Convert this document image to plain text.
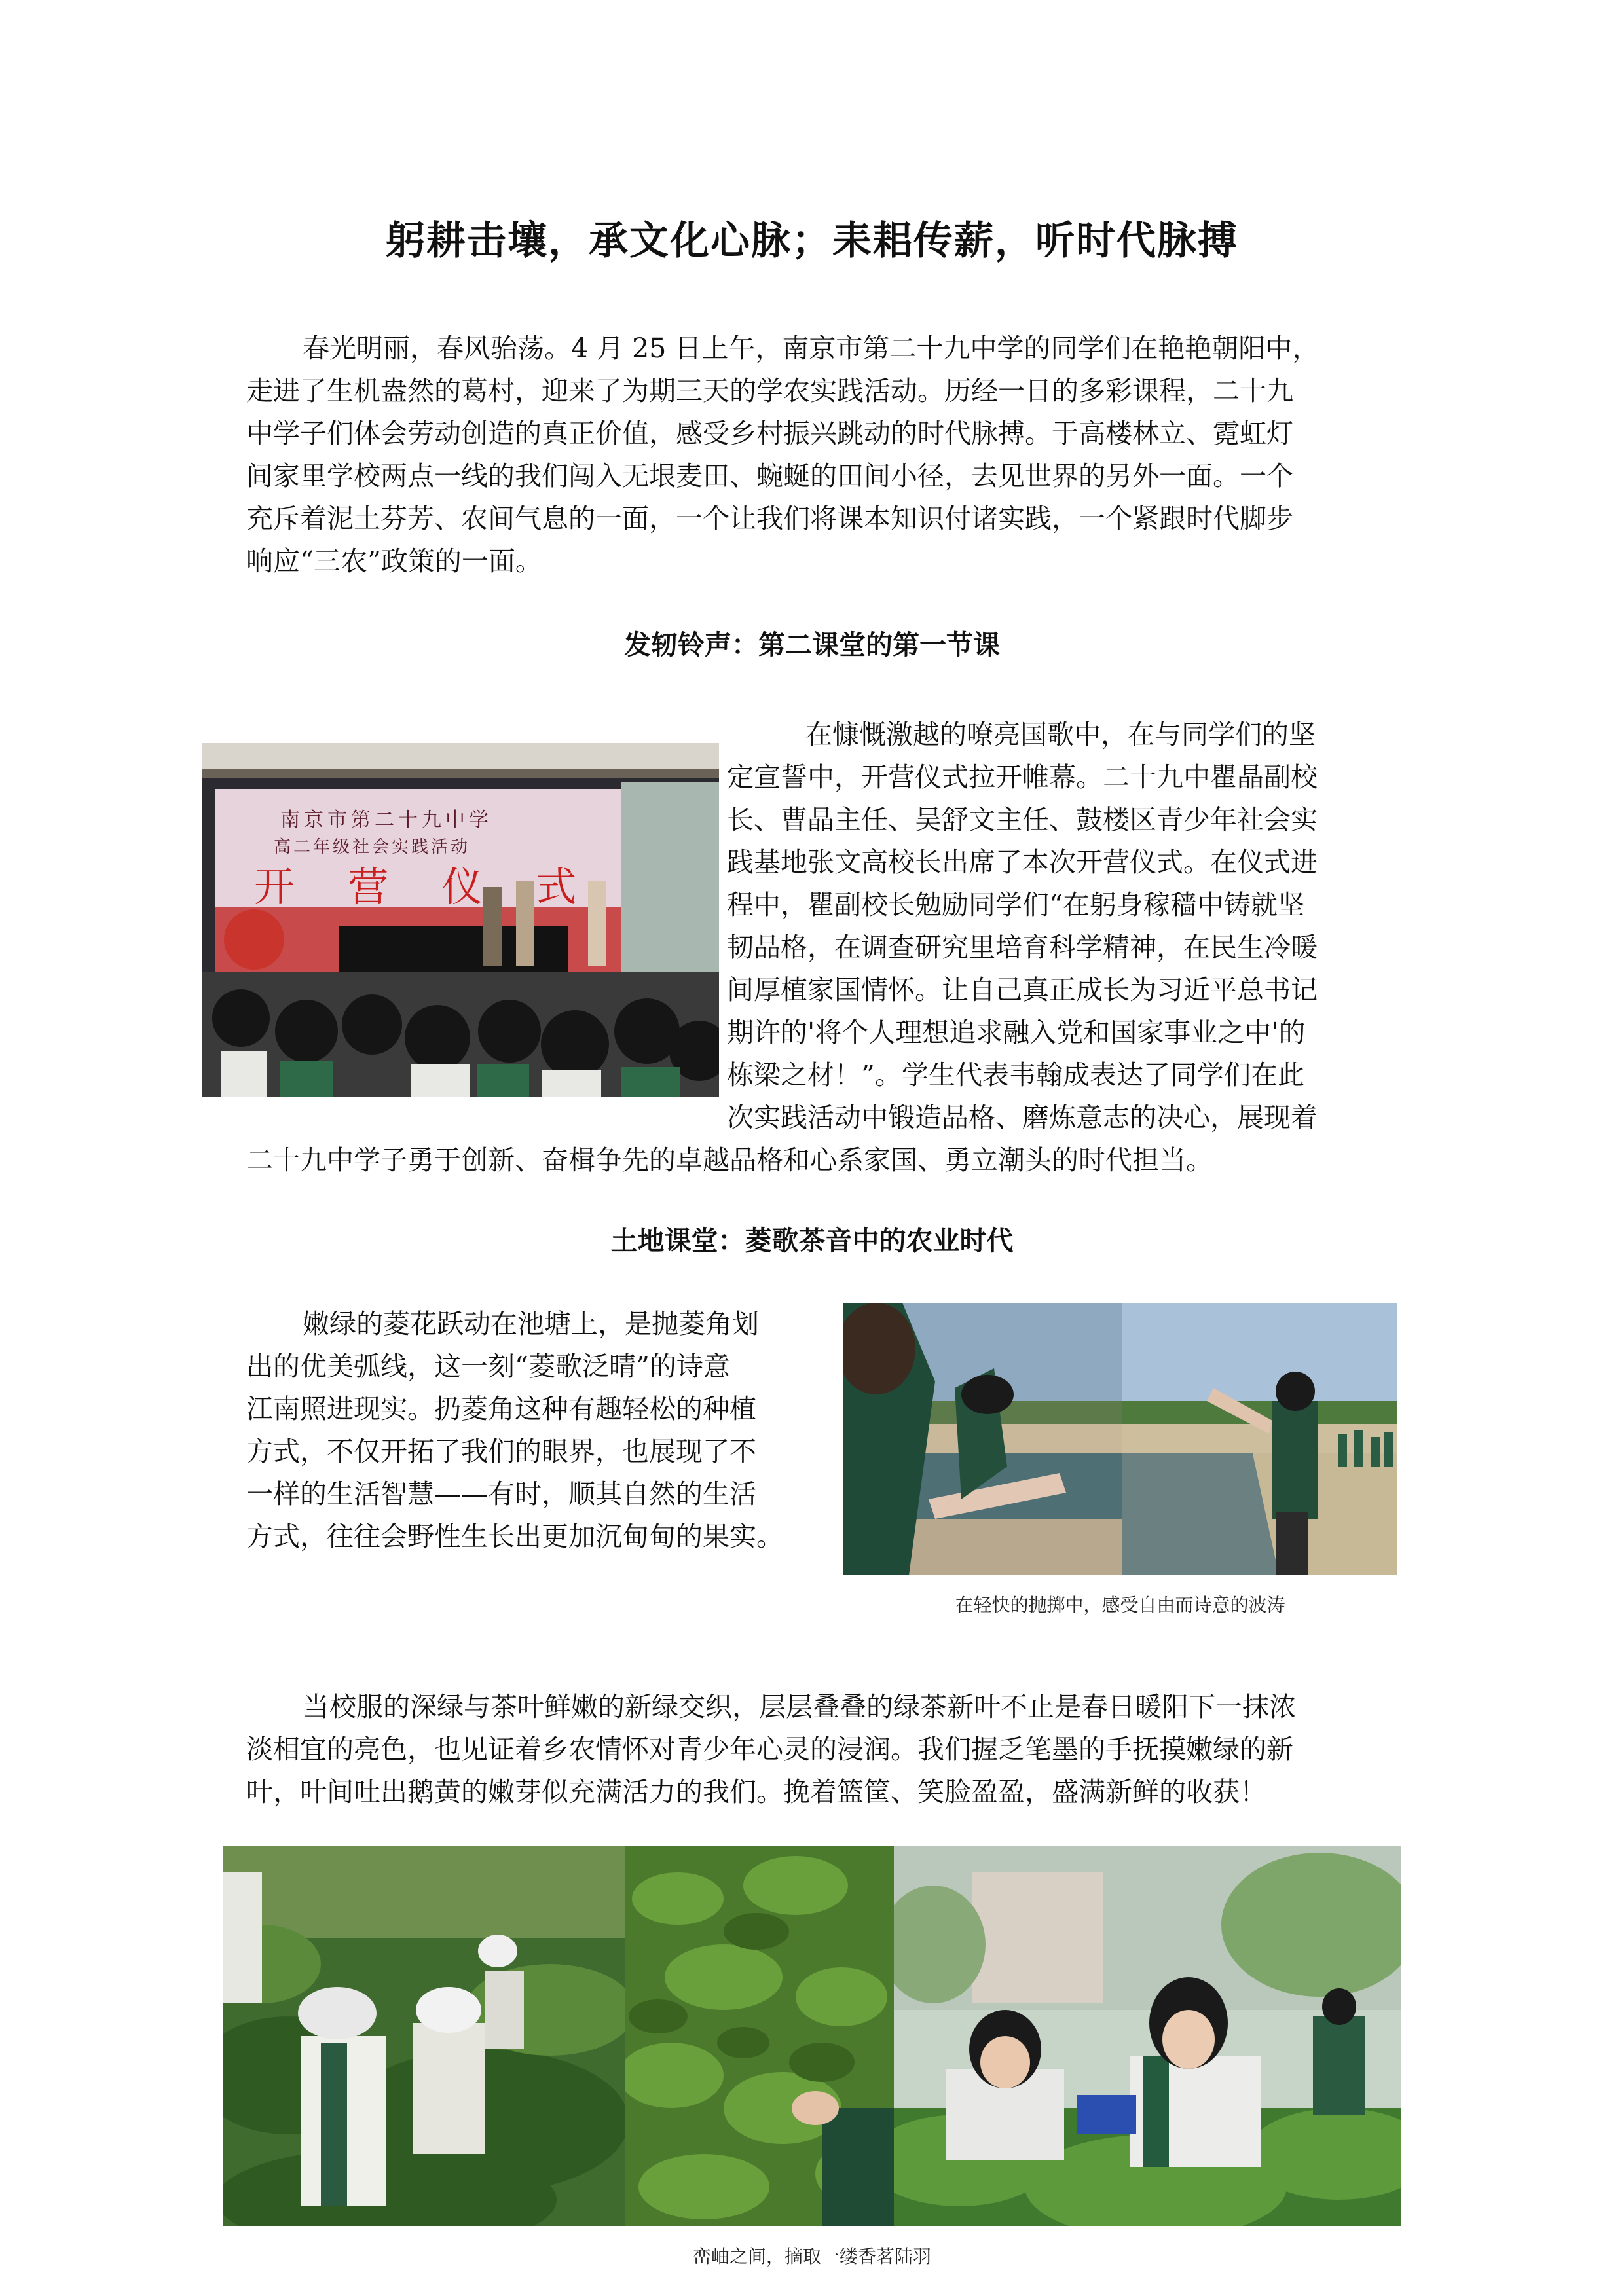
躬耕击壤，承文化心脉；耒耜传薪，听时代脉搏
春光明丽，春风骀荡。4 月 25 日上午，南京市第二十九中学的同学们在艳艳朝阳中，
走进了生机盎然的葛村，迎来了为期三天的学农实践活动。历经一日的多彩课程，二十九
中学子们体会劳动创造的真正价值，感受乡村振兴跳动的时代脉搏。于高楼林立、霓虹灯
间家里学校两点一线的我们闯入无垠麦田、蜿蜒的田间小径，去见世界的另外一面。一个
充斥着泥土芬芳、农间气息的一面，一个让我们将课本知识付诸实践，一个紧跟时代脚步
响应“三农”政策的一面。
发轫铃声：第二课堂的第一节课
南京市第二十九中学
高二年级社会实践活动
开  营  仪  式
在慷慨激越的嘹亮国歌中，在与同学们的坚
定宣誓中，开营仪式拉开帷幕。二十九中瞿晶副校
长、曹晶主任、吴舒文主任、鼓楼区青少年社会实
践基地张文高校长出席了本次开营仪式。在仪式进
程中，瞿副校长勉励同学们“在躬身稼穑中铸就坚
韧品格，在调查研究里培育科学精神，在民生冷暖
间厚植家国情怀。让自己真正成长为习近平总书记
期许的'将个人理想追求融入党和国家事业之中'的
栋梁之材！”。学生代表韦翰成表达了同学们在此
次实践活动中锻造品格、磨炼意志的决心，展现着
二十九中学子勇于创新、奋楫争先的卓越品格和心系家国、勇立潮头的时代担当。
土地课堂：菱歌茶音中的农业时代
嫩绿的菱花跃动在池塘上，是抛菱角划
出的优美弧线，这一刻“菱歌泛晴”的诗意
江南照进现实。扔菱角这种有趣轻松的种植
方式，不仅开拓了我们的眼界，也展现了不
一样的生活智慧——有时，顺其自然的生活
方式，往往会野性生长出更加沉甸甸的果实。
在轻快的抛掷中，感受自由而诗意的波涛
当校服的深绿与茶叶鲜嫩的新绿交织，层层叠叠的绿茶新叶不止是春日暖阳下一抹浓
淡相宜的亮色，也见证着乡农情怀对青少年心灵的浸润。我们握乏笔墨的手抚摸嫩绿的新
叶，叶间吐出鹅黄的嫩芽似充满活力的我们。挽着篮筐、笑脸盈盈，盛满新鲜的收获！
峦岫之间，摘取一缕香茗陆羽
